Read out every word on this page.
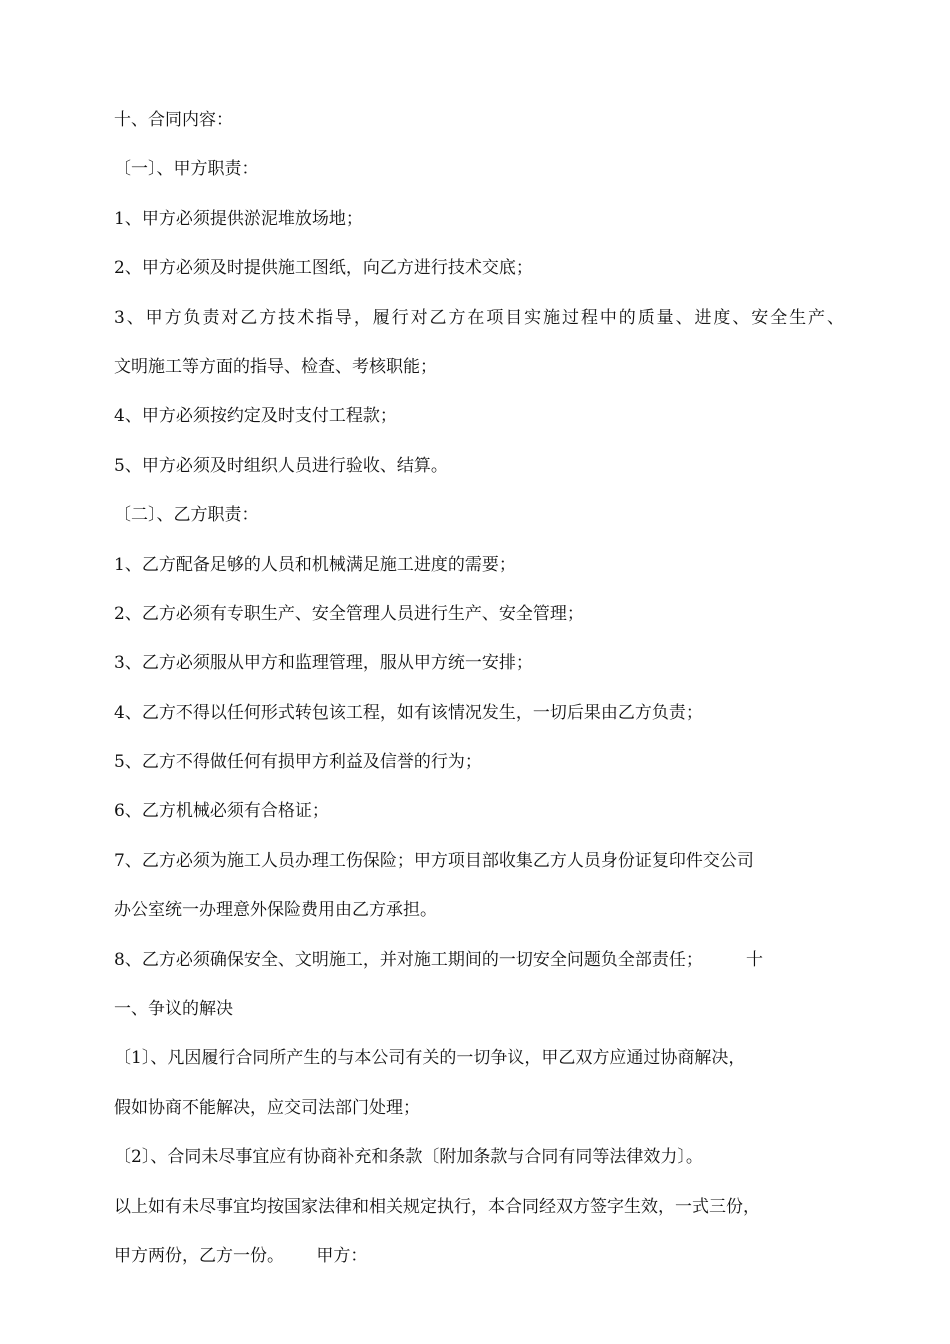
十、合同内容：

〔一〕、甲方职责：

1、甲方必须提供淤泥堆放场地；

2、甲方必须及时提供施工图纸，向乙方进行技术交底；

3、甲方负责对乙方技术指导，履行对乙方在项目实施过程中的质量、进度、安全生产、

文明施工等方面的指导、检查、考核职能；

4、甲方必须按约定及时支付工程款；

5、甲方必须及时组织人员进行验收、结算。

〔二〕、乙方职责：

1、乙方配备足够的人员和机械满足施工进度的需要；

2、乙方必须有专职生产、安全管理人员进行生产、安全管理；

3、乙方必须服从甲方和监理管理，服从甲方统一安排；

4、乙方不得以任何形式转包该工程，如有该情况发生，一切后果由乙方负责；

5、乙方不得做任何有损甲方利益及信誉的行为；

6、乙方机械必须有合格证；

7、乙方必须为施工人员办理工伤保险；甲方项目部收集乙方人员身份证复印件交公司

办公室统一办理意外保险费用由乙方承担。

8、乙方必须确保安全、文明施工，并对施工期间的一切安全问题负全部责任；        十

一、争议的解决

〔1〕、凡因履行合同所产生的与本公司有关的一切争议，甲乙双方应通过协商解决，

假如协商不能解决，应交司法部门处理；

〔2〕、合同未尽事宜应有协商补充和条款〔附加条款与合同有同等法律效力〕。

以上如有未尽事宜均按国家法律和相关规定执行，本合同经双方签字生效，一式三份，

甲方两份，乙方一份。      甲方：
